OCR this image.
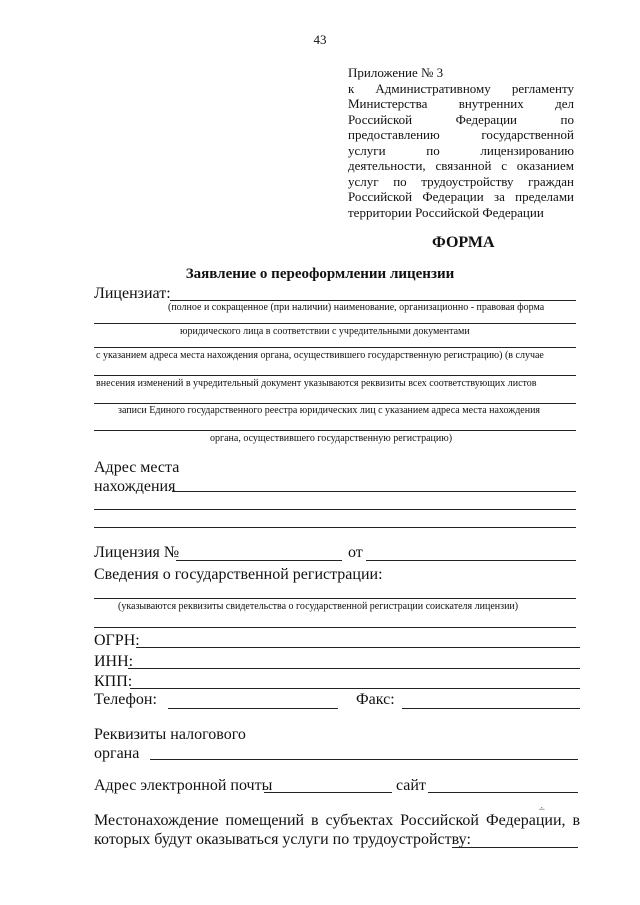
43
Приложение № 3
к Административному регламенту
Министерства внутренних дел
Российской Федерации по
предоставлению государственной
услуги по лицензированию
деятельности, связанной с оказанием
услуг по трудоустройству граждан
Российской Федерации за пределами
территории Российской Федерации
ФОРМА
Заявление о переоформлении лицензии
Лицензиат:
(полное и сокращенное (при наличии) наименование, организационно - правовая форма
юридического лица в соответствии с учредительными документами
с указанием адреса места нахождения органа, осуществившего государственную регистрацию) (в случае
внесения изменений в учредительный документ указываются реквизиты всех соответствующих листов
записи Единого государственного реестра юридических лиц с указанием адреса места нахождения
органа, осуществившего государственную регистрацию)
Адрес места
нахождения
Лицензия №	от
Сведения о государственной регистрации:
(указываются реквизиты свидетельства о государственной регистрации соискателя лицензии)
ОГРН:
ИНН:
КПП:
Телефон:	Факс:
Реквизиты налогового
органа
Адрес электронной почты	сайт
∸
Местонахождение помещений в субъектах Российской Федерации, в
которых будут оказываться услуги по трудоустройству:
